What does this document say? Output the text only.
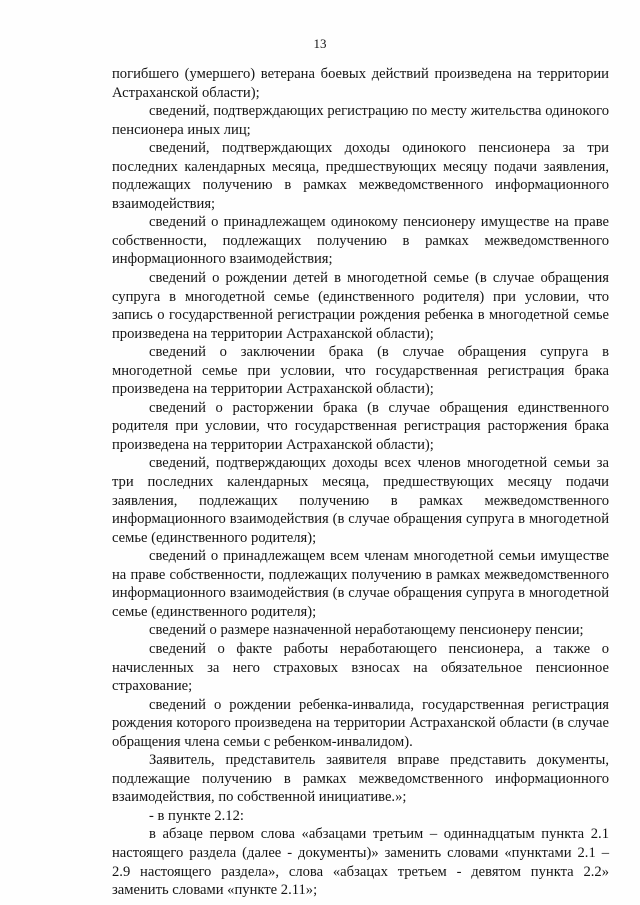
13

погибшего (умершего) ветерана боевых действий произведена на территории Астраханской области);

сведений, подтверждающих регистрацию по месту жительства одинокого пенсионера иных лиц;

сведений, подтверждающих доходы одинокого пенсионера за три последних календарных месяца, предшествующих месяцу подачи заявления, подлежащих получению в рамках межведомственного информационного взаимодействия;

сведений о принадлежащем одинокому пенсионеру имуществе на праве собственности, подлежащих получению в рамках межведомственного информационного взаимодействия;

сведений о рождении детей в многодетной семье (в случае обращения супруга в многодетной семье (единственного родителя) при условии, что запись о государственной регистрации рождения ребенка в многодетной семье произведена на территории Астраханской области);

сведений о заключении брака (в случае обращения супруга в многодетной семье при условии, что государственная регистрация брака произведена на территории Астраханской области);

сведений о расторжении брака (в случае обращения единственного родителя при условии, что государственная регистрация расторжения брака произведена на территории Астраханской области);

сведений, подтверждающих доходы всех членов многодетной семьи за три последних календарных месяца, предшествующих месяцу подачи заявления, подлежащих получению в рамках межведомственного информационного взаимодействия (в случае обращения супруга в многодетной семье (единственного родителя);

сведений о принадлежащем всем членам многодетной семьи имуществе на праве собственности, подлежащих получению в рамках межведомственного информационного взаимодействия (в случае обращения супруга в многодетной семье (единственного родителя);

сведений о размере назначенной неработающему пенсионеру пенсии;

сведений о факте работы неработающего пенсионера, а также о начисленных за него страховых взносах на обязательное пенсионное страхование;

сведений о рождении ребенка-инвалида, государственная регистрация рождения которого произведена на территории Астраханской области (в случае обращения члена семьи с ребенком-инвалидом).

Заявитель, представитель заявителя вправе представить документы, подлежащие получению в рамках межведомственного информационного взаимодействия, по собственной инициативе.»;

- в пункте 2.12:

в абзаце первом слова «абзацами третьим – одиннадцатым пункта 2.1 настоящего раздела (далее - документы)» заменить словами «пунктами 2.1 – 2.9 настоящего раздела», слова «абзацах третьем - девятом пункта 2.2» заменить словами «пункте 2.11»;
